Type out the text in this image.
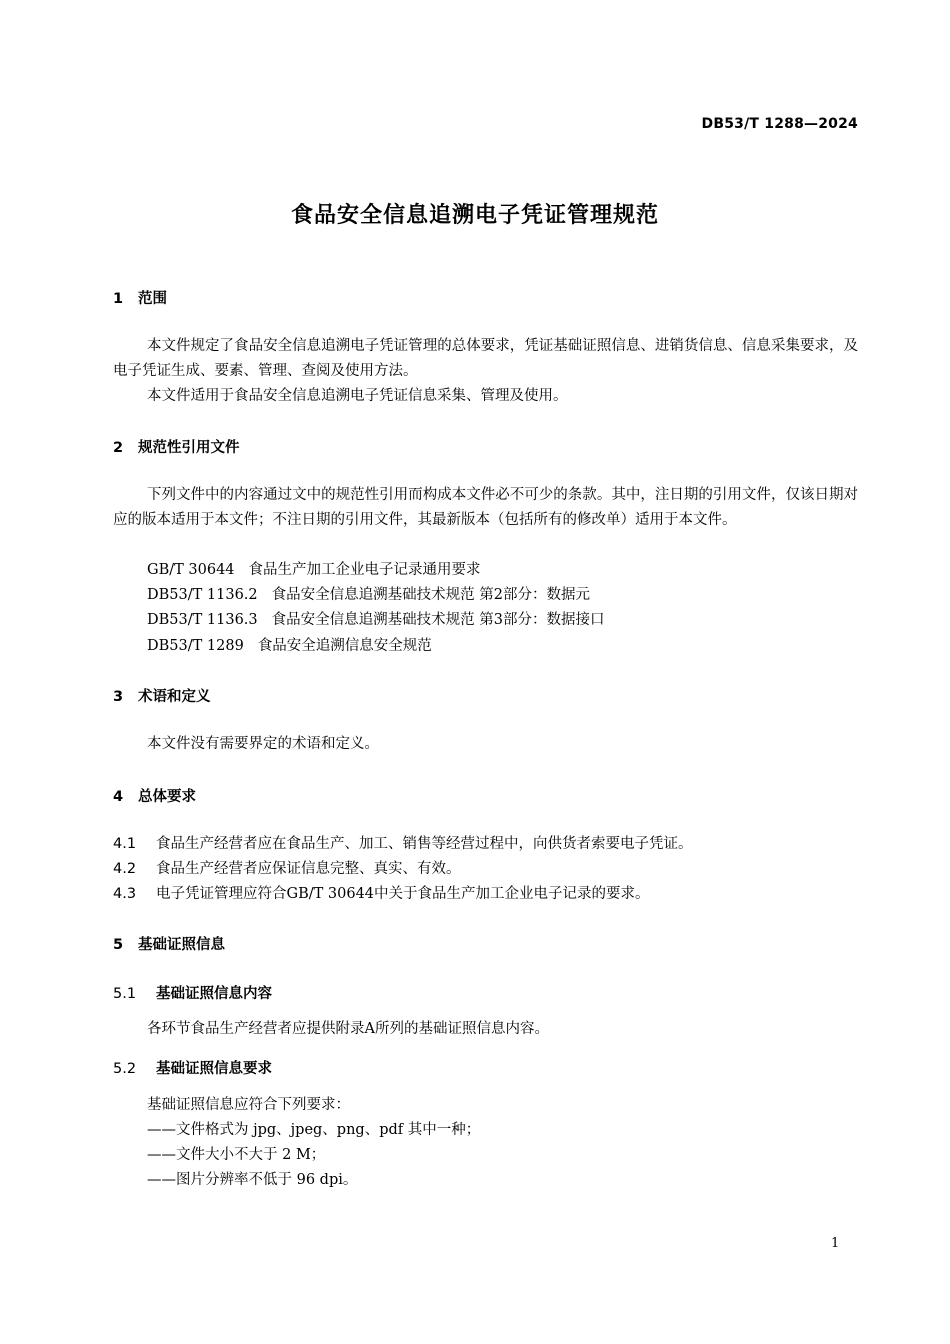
DB53/T 1288—2024
食品安全信息追溯电子凭证管理规范
1 范围
本文件规定了食品安全信息追溯电子凭证管理的总体要求，凭证基础证照信息、进销货信息、信息采集要求，及电子凭证生成、要素、管理、查阅及使用方法。
本文件适用于食品安全信息追溯电子凭证信息采集、管理及使用。
2 规范性引用文件
下列文件中的内容通过文中的规范性引用而构成本文件必不可少的条款。其中，注日期的引用文件，仅该日期对应的版本适用于本文件；不注日期的引用文件，其最新版本（包括所有的修改单）适用于本文件。
GB/T 30644 食品生产加工企业电子记录通用要求
DB53/T 1136.2 食品安全信息追溯基础技术规范 第2部分：数据元
DB53/T 1136.3 食品安全信息追溯基础技术规范 第3部分：数据接口
DB53/T 1289 食品安全追溯信息安全规范
3 术语和定义
本文件没有需要界定的术语和定义。
4 总体要求
4.1 食品生产经营者应在食品生产、加工、销售等经营过程中，向供货者索要电子凭证。
4.2 食品生产经营者应保证信息完整、真实、有效。
4.3 电子凭证管理应符合GB/T 30644中关于食品生产加工企业电子记录的要求。
5 基础证照信息
5.1 基础证照信息内容
各环节食品生产经营者应提供附录A所列的基础证照信息内容。
5.2 基础证照信息要求
基础证照信息应符合下列要求：
——文件格式为 jpg、jpeg、png、pdf 其中一种；
——文件大小不大于 2 M；
——图片分辨率不低于 96 dpi。
1
